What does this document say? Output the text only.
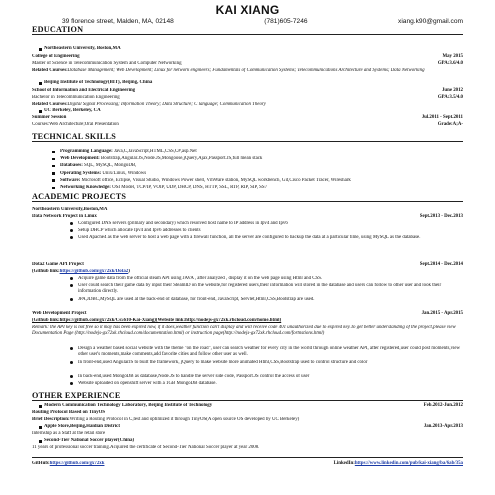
KAI XIANG
39 florence street, Malden, MA, 02148	(781)605-7246	xiang.k90@gmail.com
EDUCATION
Northeastern University, Boston,MA
College of Engineering	May 2015
Master of Science in Telecommunication System and Computer Networking	GPA:3.6/4.0
Related Courses:Database Management; Web Development; Linux for network engineers; Fundamentals of Communication Systems; Telecommunications Architecture and Systems; Data Networking
Beijing Institute of Technology(BIT), Beijing, China
School of Information and Electrical Engineering	June 2012
Bachelor in Telecommunication Engineering	GPA:3.5/4.0
Related Courses:Digital Signal Processing; Information Theory; Data Structure; C language; Communication Theory
UC Berkeley, Berkeley, CA
Summer Session	Jul.2011 - Sept.2011
Courses:Web Architecture;Oral Presentation	Grade:A;A-
TECHNICAL SKILLS
Programming Language: Java,C,JavaScript,HTML,CSS,C#,asp.Net
Web Development: Bootstrap,Angular.JS,Node.JS,Mongoose,jQuery,Ajax,Passport.JS,full mean stack
Databases: SQL, MySQL, MongoDB,
Operating Systems: Unix/Linux, Windows
Software: Microsoft office, Eclipse, Visual Studio, Windows Power shell, VmWare station, MySQL workbench, Git,Cisco Packet Tracer, Wireshark
Networking Knowledge: OSI Model, TCP/IP, VOIP, UDP, DHCP, DNS, HTTP, SSL, RTP, RIP, SIP, SS7
ACADEMIC PROJECTS
Northeastern University,Boston,MA
Data Network Project in Linux	Sept.2013 - Dec.2013
Configured DNS servers (primary and secondary) which resolved host name to IP address in Ipv4 and Ipv6
Setup DHCP which allocate Ipv4 and Ipv6 addresses to clients
Used Apache4 as the web server to host a web page with a firewall function, all the server are configured to backup the data at a particular time, using MySQL as the database.
Dota2 Game API Project	Sept.2014 - Dec.2014
(Github link:https://github.com/gx72xk/Dota2)
Acquire game data from the official steam API using JAVA , after analyzed , display it on the web page using Html and CSS.
User could search their game data by input their SteamID on the website,for registered users,their information will stored in the database and users can follow to other user and look their information directly.
JPA,JDBC,MySQL are used at the back-end of database, for front-end, JavaScript, Servlet,Html,CSS,Bootstrap are used.
Web Development Project	Jan.2015 - Apr.2015
(Github link:https://github.com/gx72xk/Cs5610-Kai-Xiang)(Website link:http://nodejs-gx72xk.rhcloud.com/home.html)
Remark: the API key is not free so it may has been expired now, if it does,weather function can't display and will receive code 401 unauthorized due to expired key.To get better understanding of the project,please view Documentation Page (http://nodejs-gx72xk.rhcloud.com/documentation.html) or instruction page(http://nodejs-gx72xk.rhcloud.com/fortnstions.html)
Design a weather based social website with the theme "on the road", user can search weather for every city in the world through online weather API, after registered,user could post moments,view other user's moments,make comments,add favorite cities and follow other user as well.
In front-end,used AngularJS to built the framework, jQuery to make website more animated Html,CSS,Bootstrap used to control structure and color
In back-end,used MongoDB as database,Node.JS to handle the server side code, Passport.JS control the access of user
Website uploaded on openshift server with a 1GB MongoDB database.
OTHER EXPERIENCE
Modern Communication Technology Laboratory, Beijing Institute of Technology	Feb.2012-Jun.2012
Routing Protocol Based on TinyOS
Brief Description:Writing a Routing Protocol in C,test and optimized it through TinyOS(A open source OS developed by UC Berkeley)
Apple Store,Beijing,Haidian District	Jan.2013-Apr.2013
Internship as a Staff at the retail store
Second-Tier National Soccer player(China)
11 years of professional soccer training.Acquired the certificate of Second-Tier National Soccer player at year 2008.
GitHub:https://github.com/gx72xk	LinkedIn:https://www.linkedin.com/pub/kai-xiang/ba/6ab/35a
